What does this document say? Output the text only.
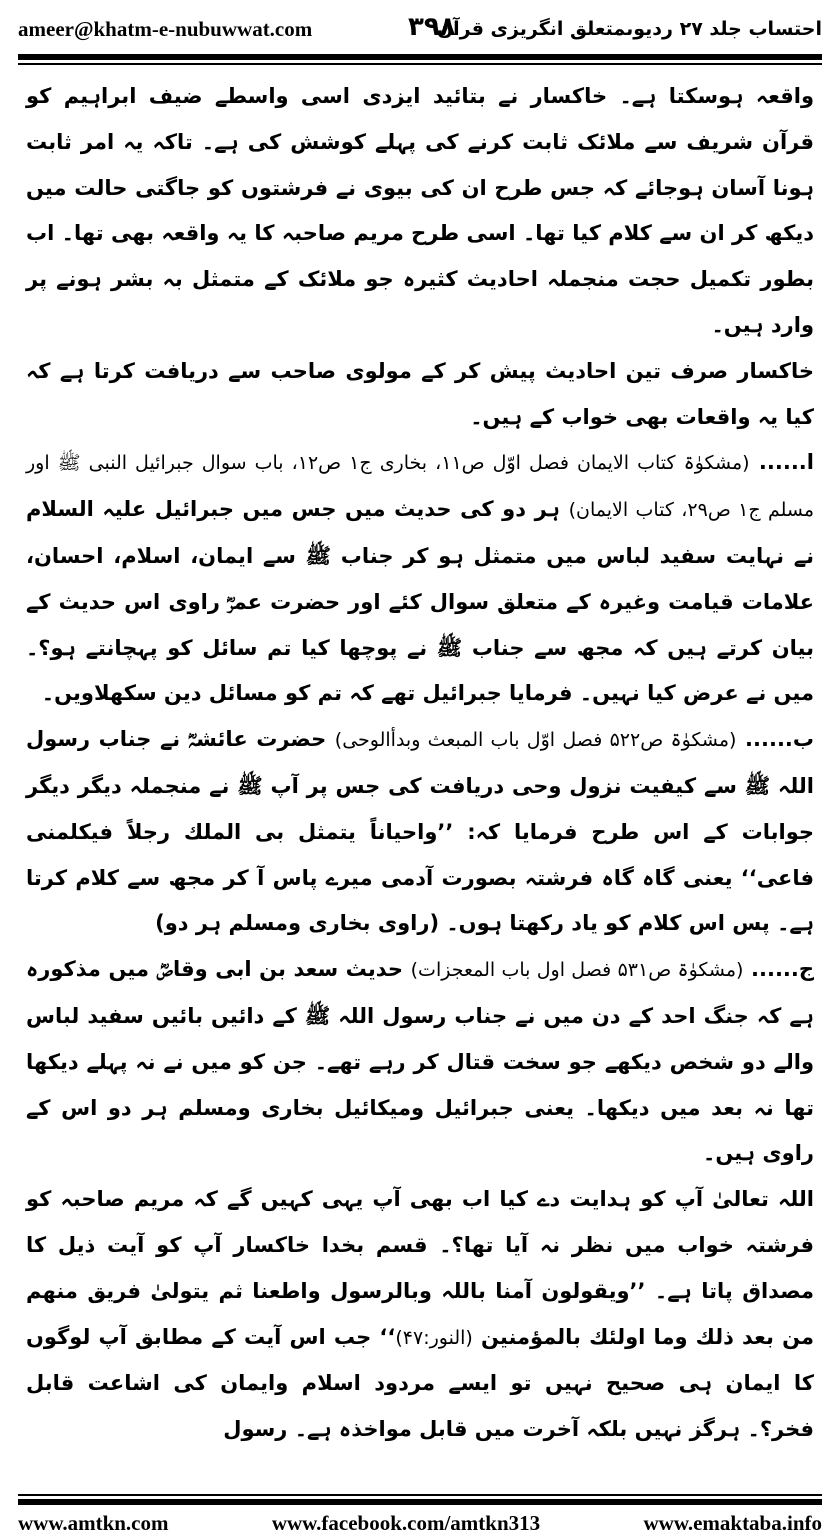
ameer@khatm-e-nubuwwat.com	۳۹۸
احتساب جلد ۲۷ ردیوںمتعلق انگریزی قرآن

واقعہ ہوسکتا ہے۔ خاکسار نے بتائید ایزدی اسی واسطے ضیف ابراہیم کو قرآن شریف سے ملائک ثابت کرنے کی پہلے کوشش کی ہے۔ تاکہ یہ امر ثابت ہونا آسان ہوجائے کہ جس طرح ان کی بیوی نے فرشتوں کو جاگتی حالت میں دیکھ کر ان سے کلام کیا تھا۔ اسی طرح مریم صاحبہ کا یہ واقعہ بھی تھا۔ اب بطور تکمیل حجت منجملہ احادیث کثیرہ جو ملائک کے متمثل بہ بشر ہونے پر وارد ہیں۔

خاکسار صرف تین احادیث پیش کر کے مولوی صاحب سے دریافت کرتا ہے کہ کیا یہ واقعات بھی خواب کے ہیں۔

ا...... (مشکوٰۃ کتاب الایمان فصل اوّل ص۱۱، بخاری ج۱ ص۱۲، باب سوال جبرائیل النبی ﷺ اور مسلم ج۱ ص۲۹، کتاب الایمان) ہر دو کی حدیث میں جس میں جبرائیل علیہ السلام نے نہایت سفید لباس میں متمثل ہو کر جناب ﷺ سے ایمان، اسلام، احسان، علامات قیامت وغیرہ کے متعلق سوال کئے اور حضرت عمرؓ راوی اس حدیث کے بیان کرتے ہیں کہ مجھ سے جناب ﷺ نے پوچھا کیا تم سائل کو پہچانتے ہو؟۔ میں نے عرض کیا نہیں۔ فرمایا جبرائیل تھے کہ تم کو مسائل دین سکھلاویں۔

ب...... (مشکوٰۃ ص۵۲۲ فصل اوّل باب المبعث وبدأالوحی) حضرت عائشہؓ نے جناب رسول اللہ ﷺ سے کیفیت نزول وحی دریافت کی جس پر آپ ﷺ نے منجملہ دیگر دیگر جوابات کے اس طرح فرمایا کہ: ’’واحیاناً یتمثل بی الملك رجلاً فیكلمنی فاعی‘‘ یعنی گاہ گاہ فرشتہ بصورت آدمی میرے پاس آ کر مجھ سے کلام کرتا ہے۔ پس اس کلام کو یاد رکھتا ہوں۔ (راوی بخاری ومسلم ہر دو)

ج...... (مشکوٰۃ ص۵۳۱ فصل اول باب المعجزات) حدیث سعد بن ابی وقاصؓ میں مذکورہ ہے کہ جنگ احد کے دن میں نے جناب رسول اللہ ﷺ کے دائیں بائیں سفید لباس والے دو شخص دیکھے جو سخت قتال کر رہے تھے۔ جن کو میں نے نہ پہلے دیکھا تھا نہ بعد میں دیکھا۔ یعنی جبرائیل ومیکائیل بخاری ومسلم ہر دو اس کے راوی ہیں۔

اللہ تعالیٰ آپ کو ہدایت دے کیا اب بھی آپ یہی کہیں گے کہ مریم صاحبہ کو فرشتہ خواب میں نظر نہ آیا تھا؟۔ قسم بخدا خاکسار آپ کو آیت ذیل کا مصداق پاتا ہے۔ ’’ویقولون آمنا باللہ وبالرسول واطعنا ثم یتولیٰ فریق منهم من بعد ذلك وما اولئك بالمؤمنین (النور:۴۷)‘‘ جب اس آیت کے مطابق آپ لوگوں کا ایمان ہی صحیح نہیں تو ایسے مردود اسلام وایمان کی اشاعت قابل فخر؟۔ ہرگز نہیں بلکہ آخرت میں قابل مواخذہ ہے۔ رسول

www.amtkn.com	www.facebook.com/amtkn313	www.emaktaba.info
